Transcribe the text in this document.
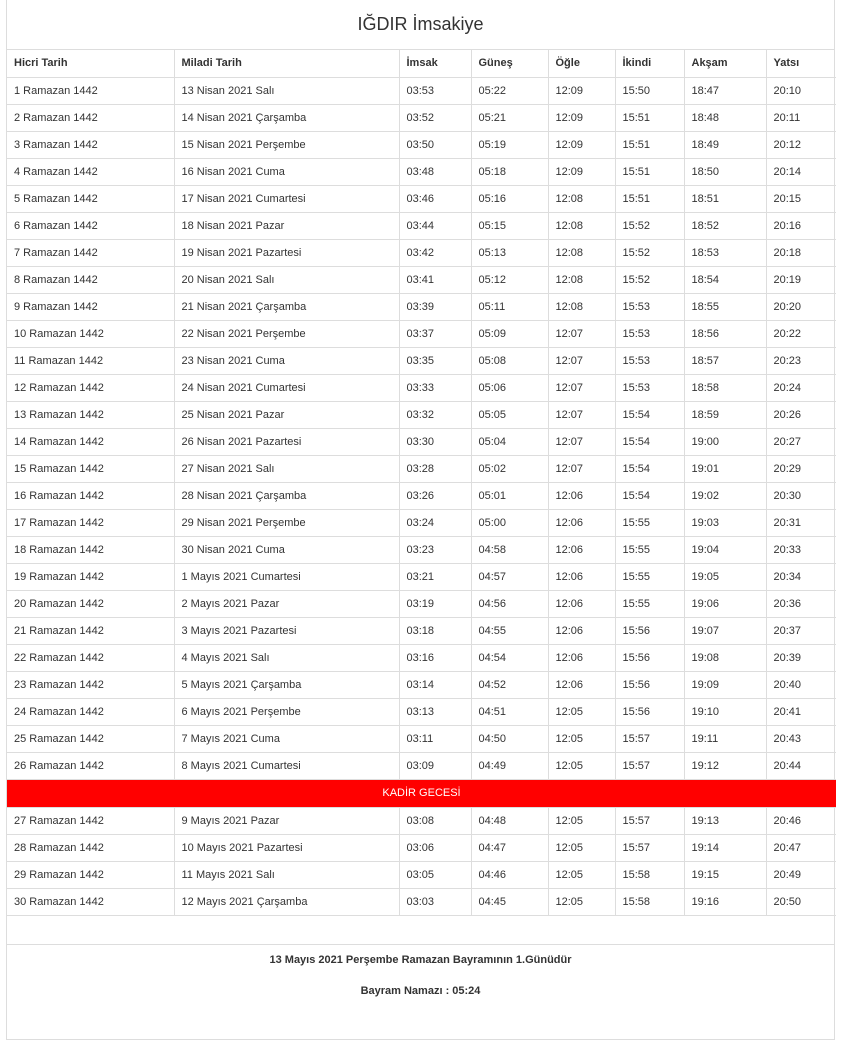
IĞDIR İmsakiye
Hicri Tarih	Miladi Tarih	İmsak	Güneş	Öğle	İkindi	Akşam	Yatsı
1 Ramazan 1442	13 Nisan 2021 Salı	03:53	05:22	12:09	15:50	18:47	20:10
2 Ramazan 1442	14 Nisan 2021 Çarşamba	03:52	05:21	12:09	15:51	18:48	20:11
3 Ramazan 1442	15 Nisan 2021 Perşembe	03:50	05:19	12:09	15:51	18:49	20:12
4 Ramazan 1442	16 Nisan 2021 Cuma	03:48	05:18	12:09	15:51	18:50	20:14
5 Ramazan 1442	17 Nisan 2021 Cumartesi	03:46	05:16	12:08	15:51	18:51	20:15
6 Ramazan 1442	18 Nisan 2021 Pazar	03:44	05:15	12:08	15:52	18:52	20:16
7 Ramazan 1442	19 Nisan 2021 Pazartesi	03:42	05:13	12:08	15:52	18:53	20:18
8 Ramazan 1442	20 Nisan 2021 Salı	03:41	05:12	12:08	15:52	18:54	20:19
9 Ramazan 1442	21 Nisan 2021 Çarşamba	03:39	05:11	12:08	15:53	18:55	20:20
10 Ramazan 1442	22 Nisan 2021 Perşembe	03:37	05:09	12:07	15:53	18:56	20:22
11 Ramazan 1442	23 Nisan 2021 Cuma	03:35	05:08	12:07	15:53	18:57	20:23
12 Ramazan 1442	24 Nisan 2021 Cumartesi	03:33	05:06	12:07	15:53	18:58	20:24
13 Ramazan 1442	25 Nisan 2021 Pazar	03:32	05:05	12:07	15:54	18:59	20:26
14 Ramazan 1442	26 Nisan 2021 Pazartesi	03:30	05:04	12:07	15:54	19:00	20:27
15 Ramazan 1442	27 Nisan 2021 Salı	03:28	05:02	12:07	15:54	19:01	20:29
16 Ramazan 1442	28 Nisan 2021 Çarşamba	03:26	05:01	12:06	15:54	19:02	20:30
17 Ramazan 1442	29 Nisan 2021 Perşembe	03:24	05:00	12:06	15:55	19:03	20:31
18 Ramazan 1442	30 Nisan 2021 Cuma	03:23	04:58	12:06	15:55	19:04	20:33
19 Ramazan 1442	1 Mayıs 2021 Cumartesi	03:21	04:57	12:06	15:55	19:05	20:34
20 Ramazan 1442	2 Mayıs 2021 Pazar	03:19	04:56	12:06	15:55	19:06	20:36
21 Ramazan 1442	3 Mayıs 2021 Pazartesi	03:18	04:55	12:06	15:56	19:07	20:37
22 Ramazan 1442	4 Mayıs 2021 Salı	03:16	04:54	12:06	15:56	19:08	20:39
23 Ramazan 1442	5 Mayıs 2021 Çarşamba	03:14	04:52	12:06	15:56	19:09	20:40
24 Ramazan 1442	6 Mayıs 2021 Perşembe	03:13	04:51	12:05	15:56	19:10	20:41
25 Ramazan 1442	7 Mayıs 2021 Cuma	03:11	04:50	12:05	15:57	19:11	20:43
26 Ramazan 1442	8 Mayıs 2021 Cumartesi	03:09	04:49	12:05	15:57	19:12	20:44
KADİR GECESİ							
27 Ramazan 1442	9 Mayıs 2021 Pazar	03:08	04:48	12:05	15:57	19:13	20:46
28 Ramazan 1442	10 Mayıs 2021 Pazartesi	03:06	04:47	12:05	15:57	19:14	20:47
29 Ramazan 1442	11 Mayıs 2021 Salı	03:05	04:46	12:05	15:58	19:15	20:49
30 Ramazan 1442	12 Mayıs 2021 Çarşamba	03:03	04:45	12:05	15:58	19:16	20:50
13 Mayıs 2021 Perşembe Ramazan Bayramının 1.Günüdür
Bayram Namazı : 05:24
